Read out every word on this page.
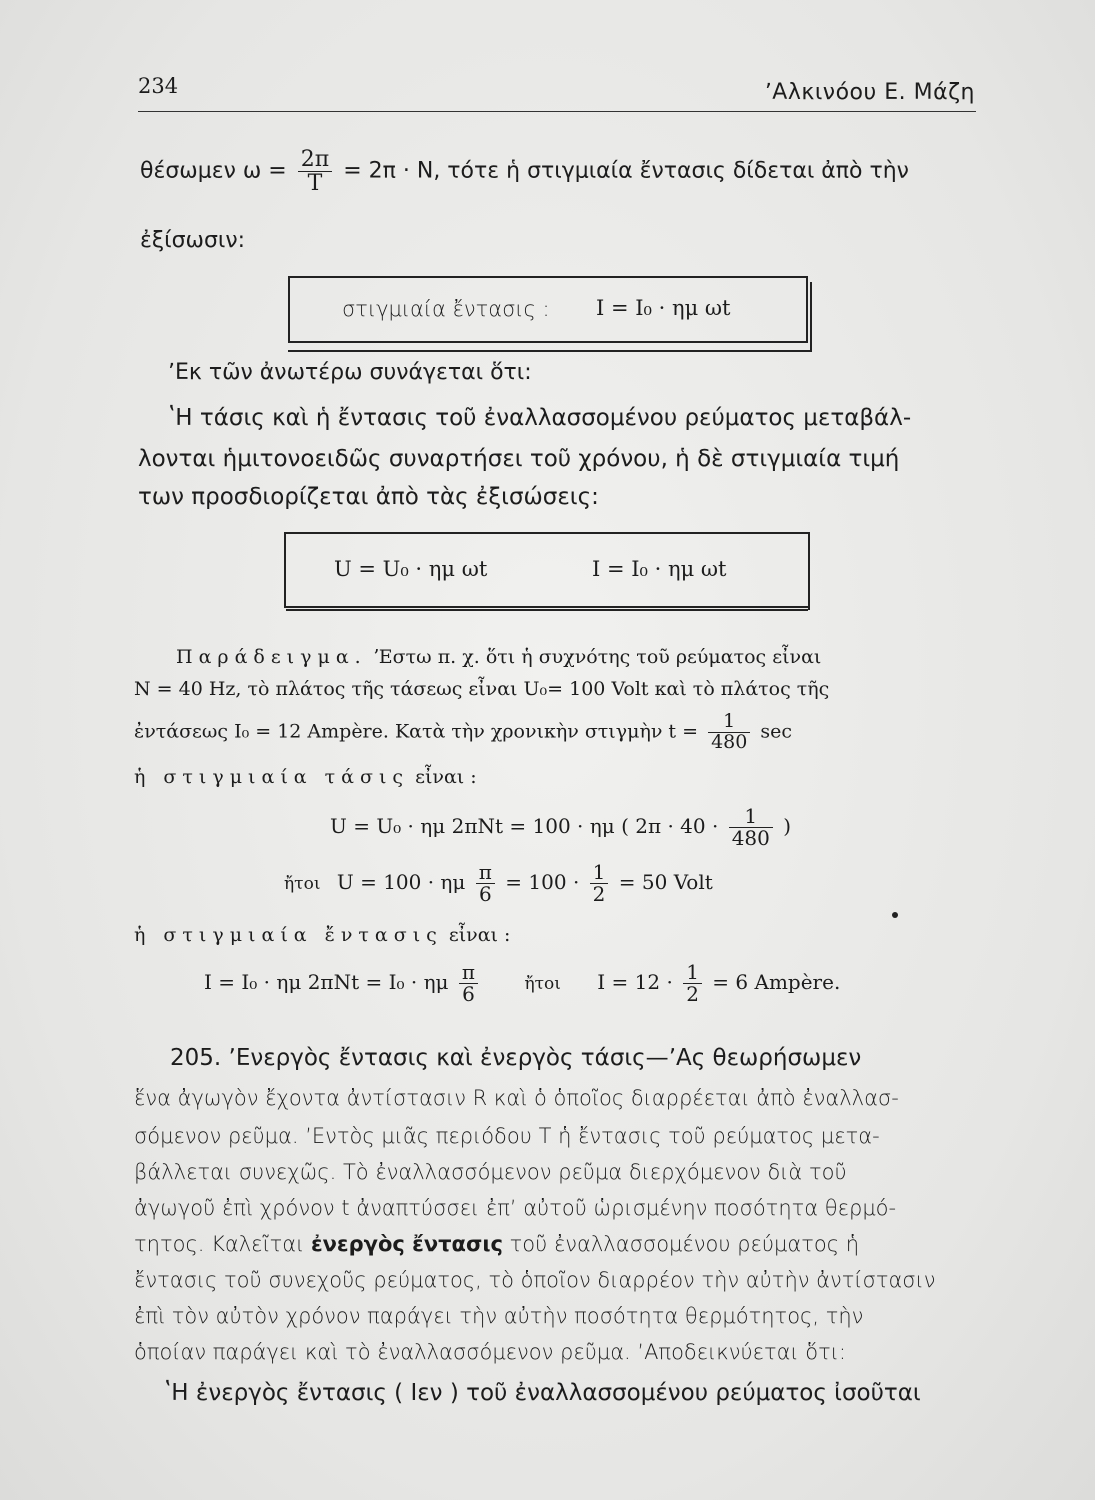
234	ʼΑλκινόου Ε. Μάζη
θέσωμεν $\omega = \frac{2\pi}{T} = 2\pi \cdot N$, τότε ἡ στιγμιαία ἔντασις δίδεται ἀπὸ τὴν
ἐξίσωσιν:
στιγμιαία ἔντασις : I = I₀ · ημ ωt
ʼΕκ τῶν ἀνωτέρω συνάγεται ὅτι:
ʽΗ τάσις καὶ ἡ ἔντασις τοῦ ἐναλλασσομένου ρεύματος μεταβάλ-
λονται ἡμιτονοειδῶς συναρτήσει τοῦ χρόνου, ἡ δὲ στιγμιαία τιμή
των προσδιορίζεται ἀπὸ τὰς ἐξισώσεις:
U = U₀ · ημ ωt	I = I₀ · ημ ωt
Παράδειγμα. ʼΕστω π. χ. ὅτι ἡ συχνότης τοῦ ρεύματος εἶναι
N = 40 Hz, τὸ πλάτος τῆς τάσεως εἶναι U₀= 100 Volt καὶ τὸ πλάτος τῆς
ἐντάσεως I₀ = 12 Ampère. Κατὰ τὴν χρονικὴν στιγμὴν $t = \frac{1}{480}$ sec
ἡ στιγμιαία τάσις εἶναι :
U = U₀ · ημ 2πNt = 100 · ημ ( $2\pi \cdot 40 \cdot \frac{1}{480}$ )
ἤτοι U = 100 · ημ $\frac{\pi}{6} = 100 \cdot \frac{1}{2} = 50$ Volt
ἡ στιγμιαία ἔντασις εἶναι :
I = I₀ · ημ 2πNt = I₀ · ημ $\frac{\pi}{6}$	ἤτοι $I = 12 \cdot \frac{1}{2} = 6$ Ampère.
205. ʼΕνεργὸς ἔντασις καὶ ἐνεργὸς τάσις—ʼΑς θεωρήσωμεν
ἕνα ἀγωγὸν ἔχοντα ἀντίστασιν R καὶ ὁ ὁποῖος διαρρέεται ἀπὸ ἐναλλασ-
σόμενον ρεῦμα. ʼΕντὸς μιᾶς περιόδου T ἡ ἔντασις τοῦ ρεύματος μετα-
βάλλεται συνεχῶς. Τὸ ἐναλλασσόμενον ρεῦμα διερχόμενον διὰ τοῦ
ἀγωγοῦ ἐπὶ χρόνον t ἀναπτύσσει ἐπʼ αὐτοῦ ὡρισμένην ποσότητα θερμό-
τητος. Καλεῖται ἐνεργὸς ἔντασις τοῦ ἐναλλασσομένου ρεύματος ἡ
ἔντασις τοῦ συνεχοῦς ρεύματος, τὸ ὁποῖον διαρρέον τὴν αὐτὴν ἀντίστασιν
ἐπὶ τὸν αὐτὸν χρόνον παράγει τὴν αὐτὴν ποσότητα θερμότητος, τὴν
ὁποίαν παράγει καὶ τὸ ἐναλλασσόμενον ρεῦμα. ʼΑποδεικνύεται ὅτι:
ʽΗ ἐνεργὸς ἔντασις ( Iεν ) τοῦ ἐναλλασσομένου ρεύματος ἰσοῦται
